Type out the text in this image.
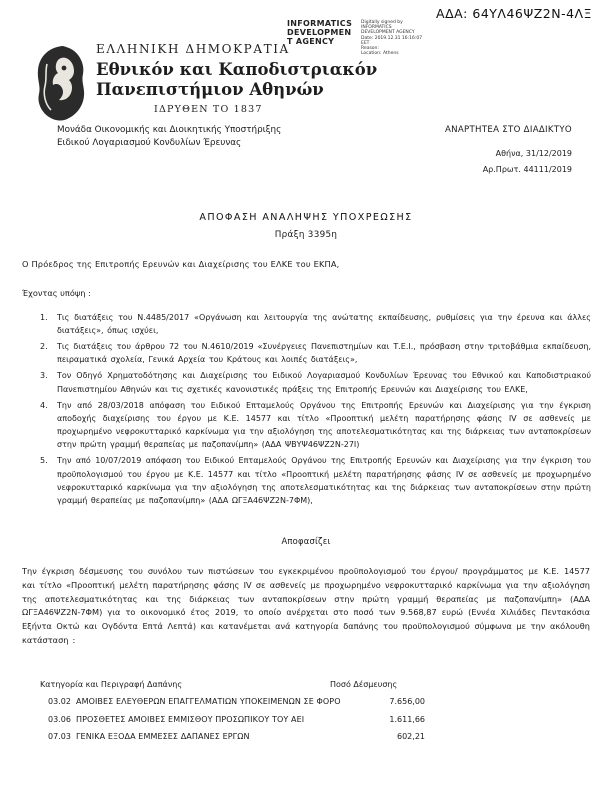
ΑΔΑ: 64ΥΛ46ΨΖ2Ν-4ΛΞ
INFORMATICS
DEVELOPMEN
T AGENCY
Digitally signed by
INFORMATICS
DEVELOPMENT AGENCY
Date: 2019.12.31 16:16:07
EET
Reason:
Location: Athens
ΕΛΛΗΝΙΚΗ ΔΗΜΟΚΡΑΤΙΑ
Εθνικόν και Καποδιστριακόν
Πανεπιστήμιον Αθηνών
ΙΔΡΥΘΕΝ ΤΟ 1837
Μονάδα Οικονομικής και Διοικητικής Υποστήριξης
Ειδικού Λογαριασμού Κονδυλίων Έρευνας
ΑΝΑΡΤΗΤΕΑ ΣΤΟ ΔΙΑΔΙΚΤΥΟ
Αθήνα, 31/12/2019
Αρ.Πρωτ. 44111/2019
ΑΠΟΦΑΣΗ ΑΝΑΛΗΨΗΣ ΥΠΟΧΡΕΩΣΗΣ
Πράξη 3395η
Ο Πρόεδρος της Επιτροπής Ερευνών και Διαχείρισης του ΕΛΚΕ του ΕΚΠΑ,
Έχοντας υπόψη :
1.	Τις διατάξεις του Ν.4485/2017 «Οργάνωση και λειτουργία της ανώτατης εκπαίδευσης, ρυθμίσεις για την έρευνα και άλλες διατάξεις», όπως ισχύει,
2.	Τις διατάξεις του άρθρου 72 του Ν.4610/2019 «Συνέργειες Πανεπιστημίων και Τ.Ε.Ι., πρόσβαση στην τριτοβάθμια εκπαίδευση, πειραματικά σχολεία, Γενικά Αρχεία του Κράτους και λοιπές διατάξεις»,
3.	Τον Οδηγό Χρηματοδότησης και Διαχείρισης του Ειδικού Λογαριασμού Κονδυλίων Έρευνας του Εθνικού και Καποδιστριακού Πανεπιστημίου Αθηνών και τις σχετικές κανονιστικές πράξεις της Επιτροπής Ερευνών και Διαχείρισης του ΕΛΚΕ,
4.	Την από 28/03/2018 απόφαση του Ειδικού Επταμελούς Οργάνου της Επιτροπής Ερευνών και Διαχείρισης για την έγκριση αποδοχής διαχείρισης του έργου με Κ.Ε. 14577 και τίτλο «Προοπτική μελέτη παρατήρησης φάσης IV σε ασθενείς με προχωρημένο νεφροκυτταρικό καρκίνωμα για την αξιολόγηση της αποτελεσματικότητας και της διάρκειας των ανταποκρίσεων στην πρώτη γραμμή θεραπείας με παζοπανίμπη» (ΑΔΑ ΨΒΥΨ46ΨΖ2Ν-27Ι)
5.	Την από 10/07/2019 απόφαση του Ειδικού Επταμελούς Οργάνου της Επιτροπής Ερευνών και Διαχείρισης για την έγκριση του προϋπολογισμού του έργου με Κ.Ε. 14577 και τίτλο «Προοπτική μελέτη παρατήρησης φάσης IV σε ασθενείς με προχωρημένο νεφροκυτταρικό καρκίνωμα για την αξιολόγηση της αποτελεσματικότητας και της διάρκειας των ανταποκρίσεων στην πρώτη γραμμή θεραπείας με παζοπανίμπη» (ΑΔΑ ΩΓΞΑ46ΨΖ2Ν-7ΦΜ),
Αποφασίζει
Την έγκριση δέσμευσης του συνόλου των πιστώσεων του εγκεκριμένου προϋπολογισμού του έργου/ προγράμματος με Κ.Ε. 14577 και τίτλο «Προοπτική μελέτη παρατήρησης φάσης IV σε ασθενείς με προχωρημένο νεφροκυτταρικό καρκίνωμα για την αξιολόγηση της αποτελεσματικότητας και της διάρκειας των ανταποκρίσεων στην πρώτη γραμμή θεραπείας με παζοπανίμπη» (ΑΔΑ ΩΓΞΑ46ΨΖ2Ν-7ΦΜ) για το οικονομικό έτος 2019, το οποίο ανέρχεται στο ποσό των 9.568,87 ευρώ (Εννέα Χιλιάδες Πεντακόσια Εξήντα Οκτώ και Ογδόντα Επτά Λεπτά) και κατανέμεται ανά κατηγορία δαπάνης του προϋπολογισμού σύμφωνα με την ακόλουθη κατάσταση :
Κατηγορία και Περιγραφή Δαπάνης	Ποσό Δέσμευσης
03.02 ΑΜΟΙΒΕΣ ΕΛΕΥΘΕΡΩΝ ΕΠΑΓΓΕΛΜΑΤΙΩΝ ΥΠΟΚΕΙΜΕΝΩΝ ΣΕ ΦΟΡΟ	7.656,00
03.06 ΠΡΟΣΘΕΤΕΣ ΑΜΟΙΒΕΣ ΕΜΜΙΣΘΟΥ ΠΡΟΣΩΠΙΚΟΥ ΤΟΥ ΑΕΙ	1.611,66
07.03 ΓΕΝΙΚΑ ΕΞΟΔΑ ΕΜΜΕΣΕΣ ΔΑΠΑΝΕΣ ΕΡΓΩΝ	602,21
